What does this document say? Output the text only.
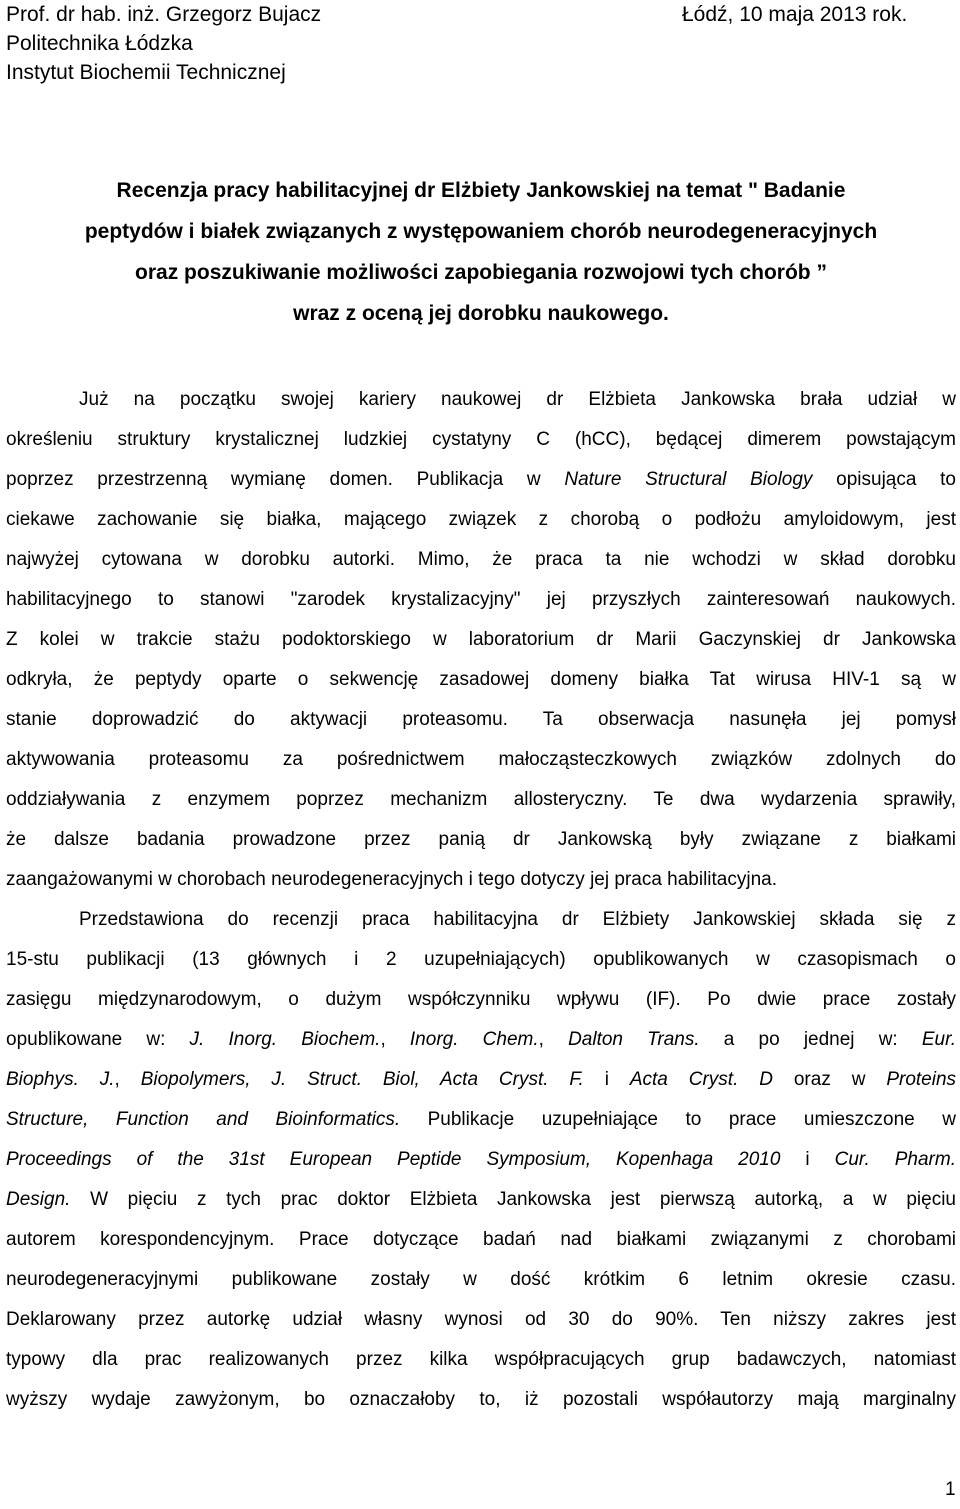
Prof. dr hab. inż. Grzegorz Bujacz
Politechnika Łódzka
Instytut Biochemii Technicznej
Łódź, 10 maja 2013 rok.
Recenzja pracy habilitacyjnej dr Elżbiety Jankowskiej na temat " Badanie
peptydów i białek związanych z występowaniem chorób neurodegeneracyjnych
oraz poszukiwanie możliwości zapobiegania rozwojowi tych chorób ”
wraz z oceną jej dorobku naukowego.
Już na początku swojej kariery naukowej dr Elżbieta Jankowska brała udział w
określeniu struktury krystalicznej ludzkiej cystatyny C (hCC), będącej dimerem powstającym
poprzez przestrzenną wymianę domen. Publikacja w Nature Structural Biology opisująca to
ciekawe zachowanie się białka, mającego związek z chorobą o podłożu amyloidowym, jest
najwyżej cytowana w dorobku autorki. Mimo, że praca ta nie wchodzi w skład dorobku
habilitacyjnego to stanowi "zarodek krystalizacyjny" jej przyszłych zainteresowań naukowych.
Z kolei w trakcie stażu podoktorskiego w laboratorium dr Marii Gaczynskiej dr Jankowska
odkryła, że peptydy oparte o sekwencję zasadowej domeny białka Tat wirusa HIV-1 są w
stanie doprowadzić do aktywacji proteasomu. Ta obserwacja nasunęła jej pomysł
aktywowania proteasomu za pośrednictwem małocząsteczkowych związków zdolnych do
oddziaływania z enzymem poprzez mechanizm allosteryczny. Te dwa wydarzenia sprawiły,
że dalsze badania prowadzone przez panią dr Jankowską były związane z białkami
zaangażowanymi w chorobach neurodegeneracyjnych i tego dotyczy jej praca habilitacyjna.
Przedstawiona do recenzji praca habilitacyjna dr Elżbiety Jankowskiej składa się z
15-stu publikacji (13 głównych i 2 uzupełniających) opublikowanych w czasopismach o
zasięgu międzynarodowym, o dużym współczynniku wpływu (IF). Po dwie prace zostały
opublikowane w: J. Inorg. Biochem., Inorg. Chem., Dalton Trans. a po jednej w: Eur.
Biophys. J., Biopolymers, J. Struct. Biol, Acta Cryst. F. i Acta Cryst. D oraz w Proteins
Structure, Function and Bioinformatics. Publikacje uzupełniające to prace umieszczone w
Proceedings of the 31st European Peptide Symposium, Kopenhaga 2010 i Cur. Pharm.
Design. W pięciu z tych prac doktor Elżbieta Jankowska jest pierwszą autorką, a w pięciu
autorem korespondencyjnym. Prace dotyczące badań nad białkami związanymi z chorobami
neurodegeneracyjnymi publikowane zostały w dość krótkim 6 letnim okresie czasu.
Deklarowany przez autorkę udział własny wynosi od 30 do 90%. Ten niższy zakres jest
typowy dla prac realizowanych przez kilka współpracujących grup badawczych, natomiast
wyższy wydaje zawyżonym, bo oznaczałoby to, iż pozostali współautorzy mają marginalny
1
